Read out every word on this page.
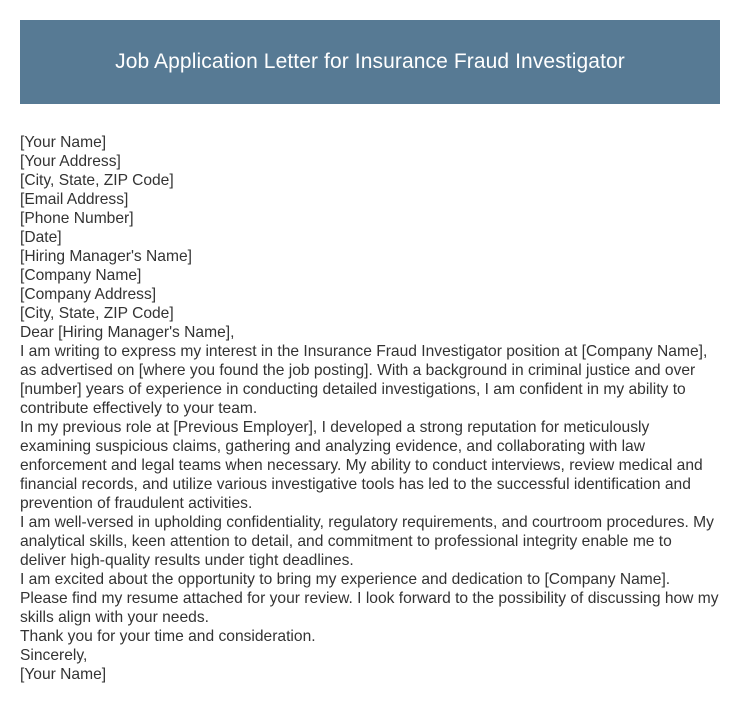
Job Application Letter for Insurance Fraud Investigator
[Your Name]
[Your Address]
[City, State, ZIP Code]
[Email Address]
[Phone Number]
[Date]
[Hiring Manager's Name]
[Company Name]
[Company Address]
[City, State, ZIP Code]
Dear [Hiring Manager's Name],

I am writing to express my interest in the Insurance Fraud Investigator position at [Company Name], as advertised on [where you found the job posting]. With a background in criminal justice and over [number] years of experience in conducting detailed investigations, I am confident in my ability to contribute effectively to your team.

In my previous role at [Previous Employer], I developed a strong reputation for meticulously examining suspicious claims, gathering and analyzing evidence, and collaborating with law enforcement and legal teams when necessary. My ability to conduct interviews, review medical and financial records, and utilize various investigative tools has led to the successful identification and prevention of fraudulent activities.

I am well-versed in upholding confidentiality, regulatory requirements, and courtroom procedures. My analytical skills, keen attention to detail, and commitment to professional integrity enable me to deliver high-quality results under tight deadlines.

I am excited about the opportunity to bring my experience and dedication to [Company Name]. Please find my resume attached for your review. I look forward to the possibility of discussing how my skills align with your needs.

Thank you for your time and consideration.

Sincerely,
[Your Name]
